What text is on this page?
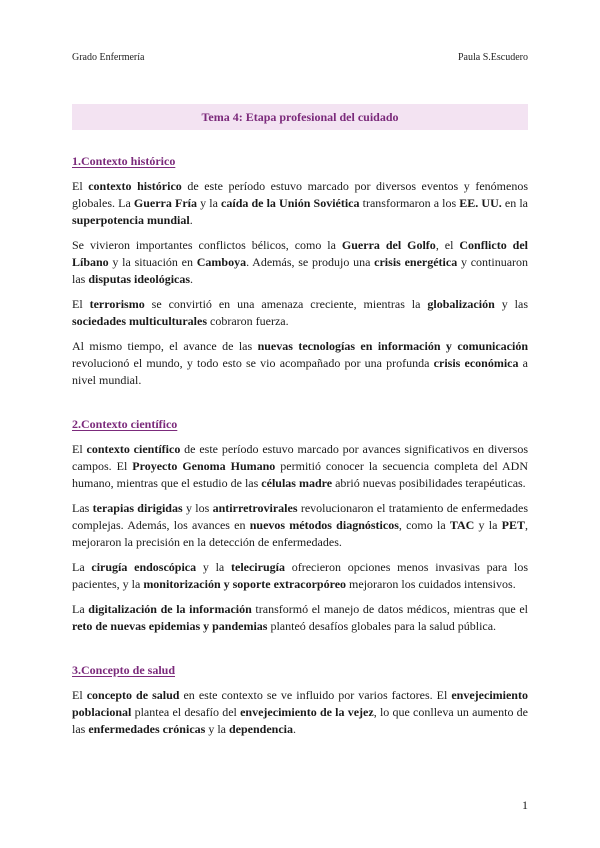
Grado Enfermería	Paula S.Escudero
Tema 4: Etapa profesional del cuidado
1.Contexto histórico

El contexto histórico de este período estuvo marcado por diversos eventos y fenómenos globales. La Guerra Fría y la caída de la Unión Soviética transformaron a los EE. UU. en la superpotencia mundial.

Se vivieron importantes conflictos bélicos, como la Guerra del Golfo, el Conflicto del Líbano y la situación en Camboya. Además, se produjo una crisis energética y continuaron las disputas ideológicas.

El terrorismo se convirtió en una amenaza creciente, mientras la globalización y las sociedades multiculturales cobraron fuerza.

Al mismo tiempo, el avance de las nuevas tecnologías en información y comunicación revolucionó el mundo, y todo esto se vio acompañado por una profunda crisis económica a nivel mundial.

2.Contexto científico

El contexto científico de este período estuvo marcado por avances significativos en diversos campos. El Proyecto Genoma Humano permitió conocer la secuencia completa del ADN humano, mientras que el estudio de las células madre abrió nuevas posibilidades terapéuticas.

Las terapias dirigidas y los antirretrovirales revolucionaron el tratamiento de enfermedades complejas. Además, los avances en nuevos métodos diagnósticos, como la TAC y la PET, mejoraron la precisión en la detección de enfermedades.

La cirugía endoscópica y la telecirugía ofrecieron opciones menos invasivas para los pacientes, y la monitorización y soporte extracorpóreo mejoraron los cuidados intensivos.

La digitalización de la información transformó el manejo de datos médicos, mientras que el reto de nuevas epidemias y pandemias planteó desafíos globales para la salud pública.

3.Concepto de salud

El concepto de salud en este contexto se ve influido por varios factores. El envejecimiento poblacional plantea el desafío del envejecimiento de la vejez, lo que conlleva un aumento de las enfermedades crónicas y la dependencia.

1
